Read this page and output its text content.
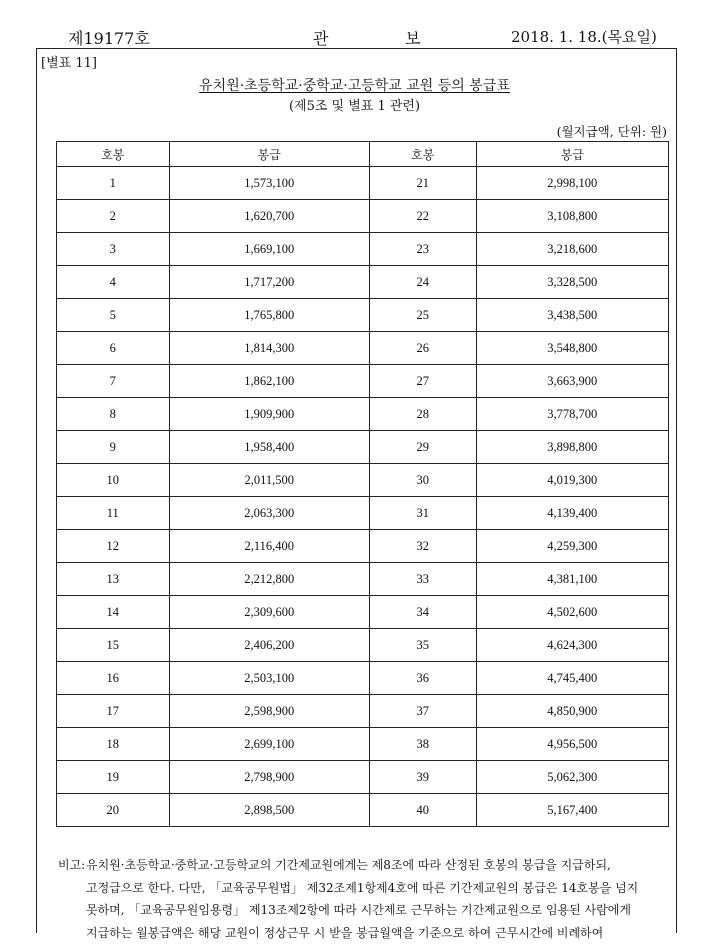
제19177호	관	보	2018. 1. 18.(목요일)
[별표 11]
유치원·초등학교·중학교·고등학교 교원 등의 봉급표
(제5조 및 별표 1 관련)
(월지급액, 단위: 원)
호봉	봉급	호봉	봉급
1	1,573,100	21	2,998,100
2	1,620,700	22	3,108,800
3	1,669,100	23	3,218,600
4	1,717,200	24	3,328,500
5	1,765,800	25	3,438,500
6	1,814,300	26	3,548,800
7	1,862,100	27	3,663,900
8	1,909,900	28	3,778,700
9	1,958,400	29	3,898,800
10	2,011,500	30	4,019,300
11	2,063,300	31	4,139,400
12	2,116,400	32	4,259,300
13	2,212,800	33	4,381,100
14	2,309,600	34	4,502,600
15	2,406,200	35	4,624,300
16	2,503,100	36	4,745,400
17	2,598,900	37	4,850,900
18	2,699,100	38	4,956,500
19	2,798,900	39	5,062,300
20	2,898,500	40	5,167,400
비고: 유치원·초등학교·중학교·고등학교의 기간제교원에게는 제8조에 따라 산정된 호봉의 봉급을 지급하되,
고정급으로 한다. 다만, 「교육공무원법」 제32조제1항제4호에 따른 기간제교원의 봉급은 14호봉을 넘지
못하며, 「교육공무원임용령」 제13조제2항에 따라 시간제로 근무하는 기간제교원으로 임용된 사람에게
지급하는 월봉급액은 해당 교원이 정상근무 시 받을 봉급월액을 기준으로 하여 근무시간에 비례하여
